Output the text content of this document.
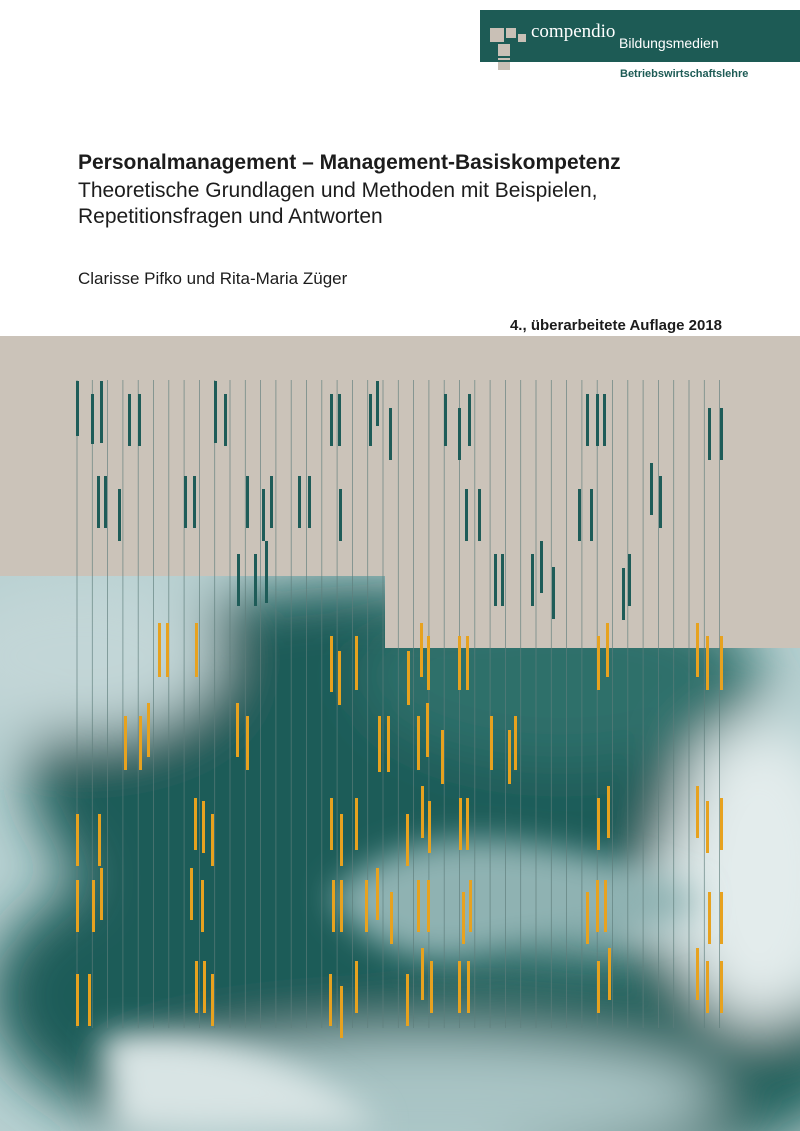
compendio
Bildungsmedien
Betriebswirtschaftslehre
Personalmanagement – Management-Basiskompetenz
Theoretische Grundlagen und Methoden mit Beispielen,
Repetitionsfragen und Antworten
Clarisse Pifko und Rita-Maria Züger
4., überarbeitete Auflage 2018
